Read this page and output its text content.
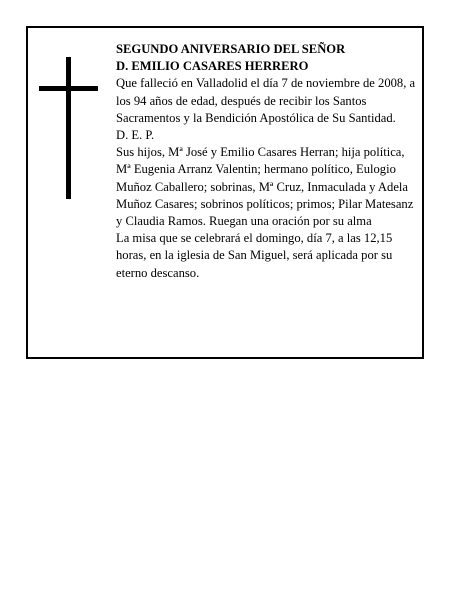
SEGUNDO ANIVERSARIO DEL SEÑOR

D. EMILIO CASARES HERRERO

Que falleció en Valladolid el día 7 de noviembre de 2008, a los 94 años de edad, después de recibir los Santos Sacramentos y la Bendición Apostólica de Su Santidad.

D. E. P.

Sus hijos, Mª José y Emilio Casares Herran; hija política, Mª Eugenia Arranz Valentin; hermano político, Eulogio Muñoz Caballero; sobrinas, Mª Cruz, Inmaculada y Adela Muñoz Casares; sobrinos políticos; primos; Pilar Matesanz y Claudia Ramos. Ruegan una oración por su alma

La misa que se celebrará el domingo, día 7, a las 12,15 horas, en la iglesia de San Miguel, será aplicada por su eterno descanso.
